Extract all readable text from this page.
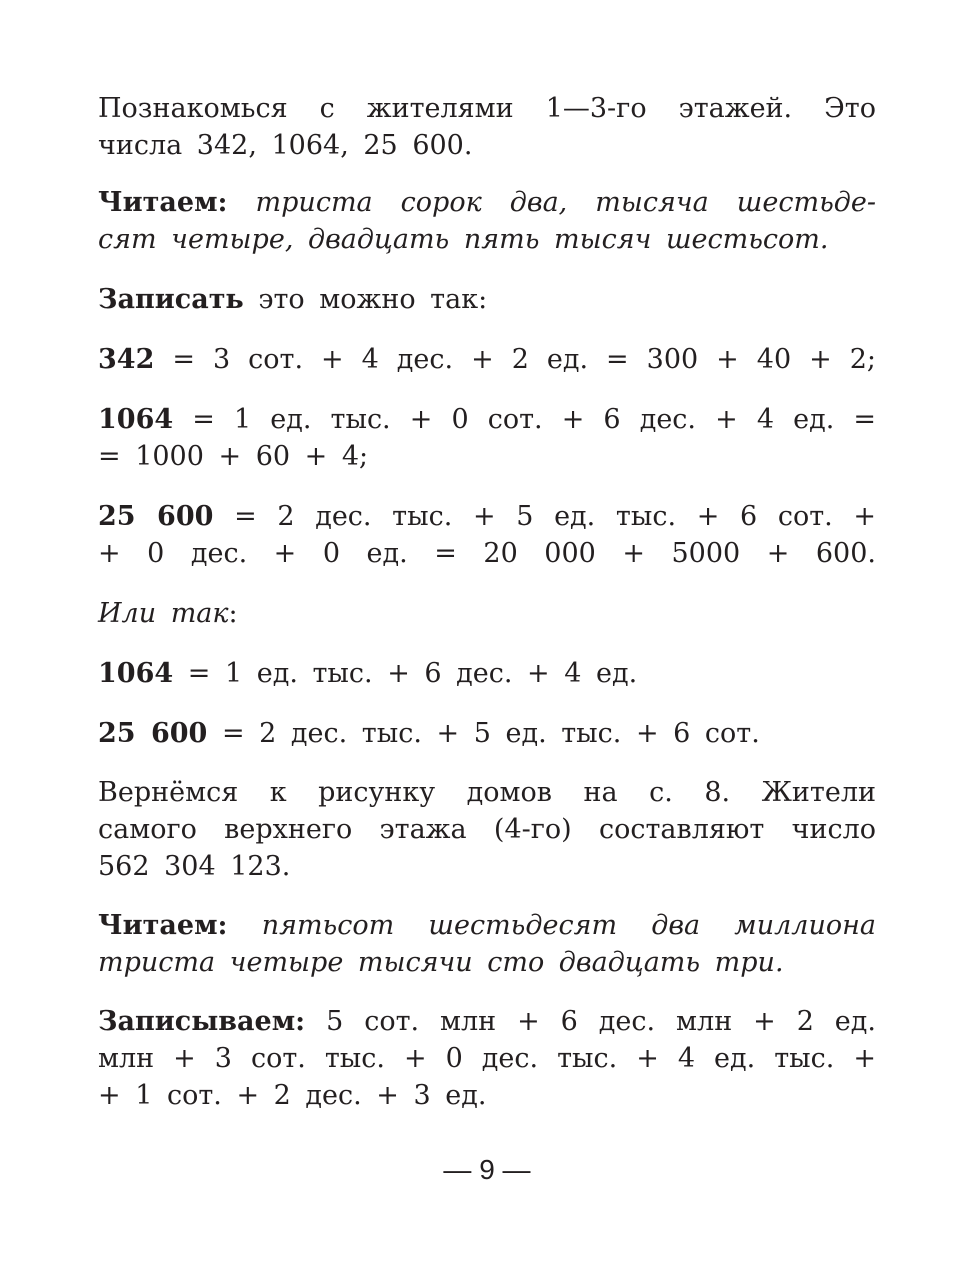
Познакомься с жителями 1—3-го этажей. Это
числа 342, 1064, 25 600.
Читаем: триста сорок два, тысяча шестьде-
сят четыре, двадцать пять тысяч шестьсот.
Записать это можно так:
342 = 3 сот. + 4 дес. + 2 ед. = 300 + 40 + 2;
1064 = 1 ед. тыс. + 0 сот. + 6 дес. + 4 ед. =
= 1000 + 60 + 4;
25 600 = 2 дес. тыс. + 5 ед. тыс. + 6 сот. +
+ 0 дес. + 0 ед. = 20 000 + 5000 + 600.
Или так:
1064 = 1 ед. тыс. + 6 дес. + 4 ед.
25 600 = 2 дес. тыс. + 5 ед. тыс. + 6 сот.
Вернёмся к рисунку домов на с. 8. Жители
самого верхнего этажа (4-го) составляют число
562 304 123.
Читаем: пятьсот шестьдесят два миллиона
триста четыре тысячи сто двадцать три.
Записываем: 5 сот. млн + 6 дес. млн + 2 ед.
млн + 3 сот. тыс. + 0 дес. тыс. + 4 ед. тыс. +
+ 1 сот. + 2 дес. + 3 ед.
— 9 —
